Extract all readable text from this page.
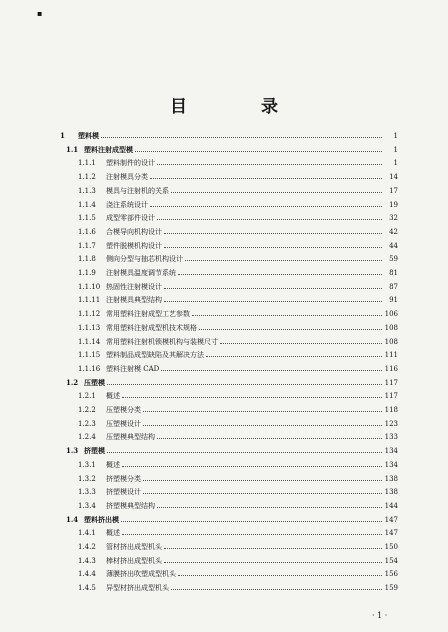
▪
目 录
1	塑料模	1
1.1 塑料注射成型模	1
1.1.1	塑料制件的设计	1
1.1.2	注射模具分类	14
1.1.3	模具与注射机的关系	17
1.1.4	浇注系统设计	19
1.1.5	成型零部件设计	32
1.1.6	合模导向机构设计	42
1.1.7	塑件脱模机构设计	44
1.1.8	侧向分型与抽芯机构设计	59
1.1.9	注射模具温度调节系统	81
1.1.10 热固性注射模设计	87
1.1.11 注射模具典型结构	91
1.1.12 常用塑料注射成型工艺参数	106
1.1.13 常用塑料注射成型机技术规格	108
1.1.14 常用塑料注射机锁模机构与装模尺寸	108
1.1.15 塑料制品成型缺陷及其解决方法	111
1.1.16 塑料注射模 CAD	116
1.2 压塑模	117
1.2.1	概述	117
1.2.2	压塑模分类	118
1.2.3	压塑模设计	123
1.2.4	压塑模典型结构	133
1.3 挤塑模	134
1.3.1	概述	134
1.3.2	挤塑模分类	138
1.3.3	挤塑模设计	138
1.3.4	挤塑模典型结构	144
1.4 塑料挤出模	147
1.4.1	概述	147
1.4.2	管材挤出成型机头	150
1.4.3	棒材挤出成型机头	154
1.4.4	薄膜挤出吹塑成型机头	156
1.4.5	异型材挤出成型机头	159
· 1 ·
